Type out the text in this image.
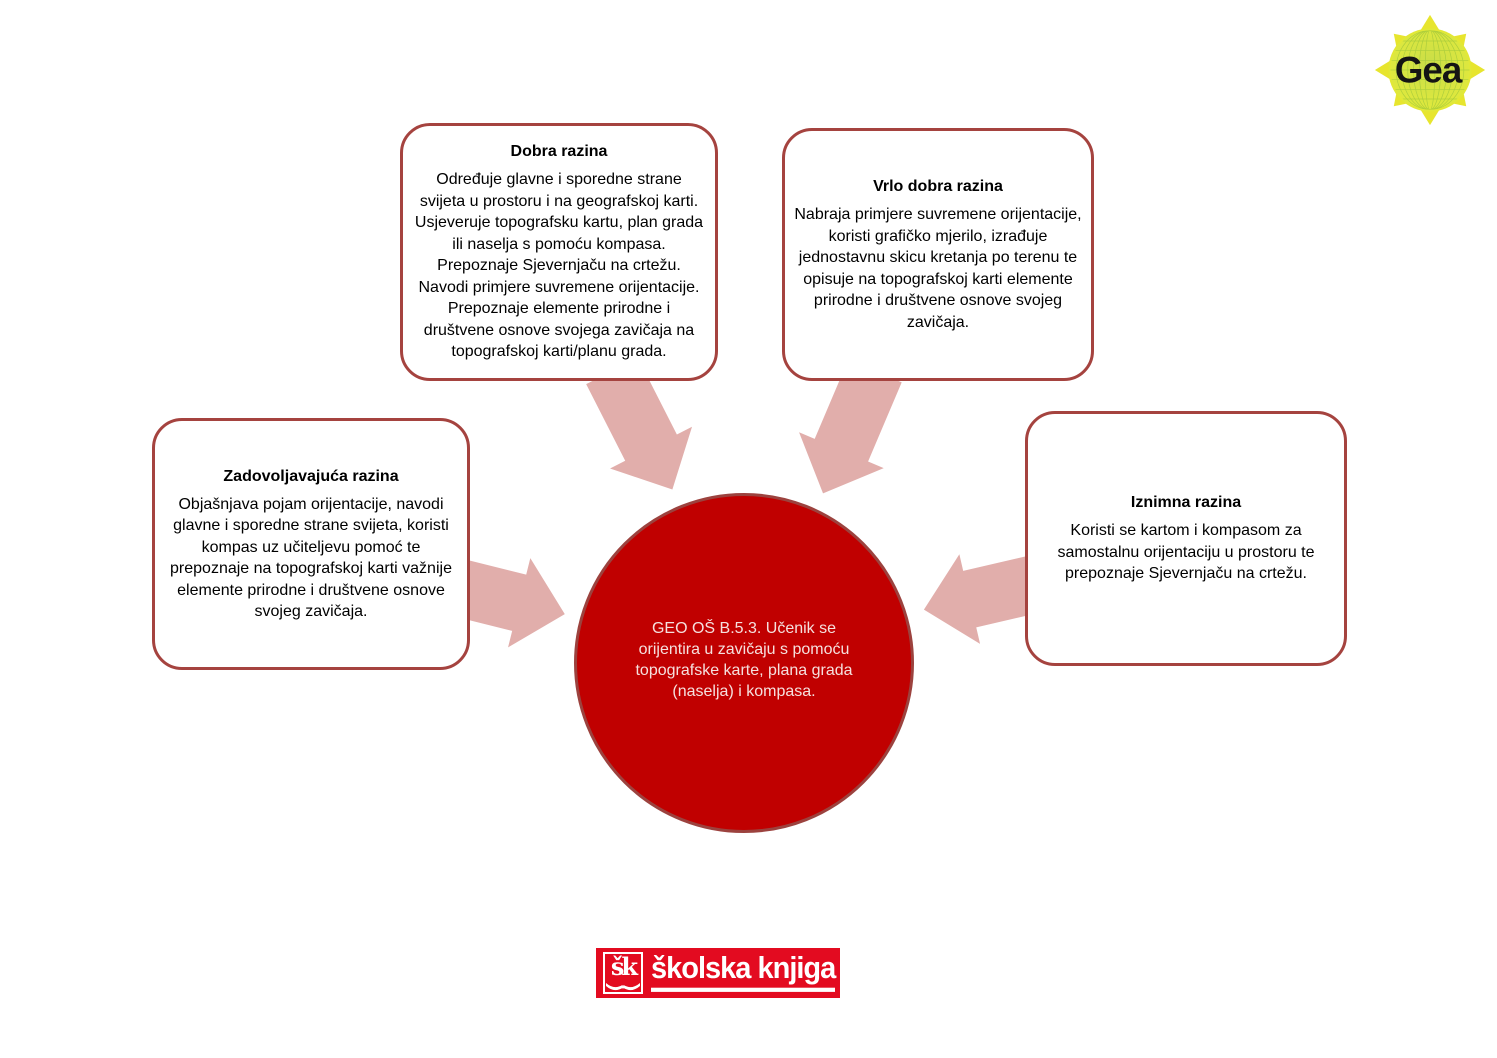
Dobra razina
Određuje glavne i sporedne strane svijeta u prostoru i na geografskoj karti. Usjeveruje topografsku kartu, plan grada ili naselja s pomoću kompasa. Prepoznaje Sjevernjaču na crtežu. Navodi primjere suvremene orijentacije. Prepoznaje elemente prirodne i društvene osnove svojega zavičaja na topografskoj karti/planu grada.
Vrlo dobra razina
Nabraja primjere suvremene orijentacije, koristi grafičko mjerilo, izrađuje jednostavnu skicu kretanja po terenu te opisuje na topografskoj karti elemente prirodne i društvene osnove svojeg zavičaja.
Zadovoljavajuća razina
Objašnjava pojam orijentacije, navodi glavne i sporedne strane svijeta, koristi kompas uz učiteljevu pomoć te prepoznaje na topografskoj karti važnije elemente prirodne i društvene osnove svojeg zavičaja.
Iznimna razina
Koristi se kartom i kompasom za samostalnu orijentaciju u prostoru te prepoznaje Sjevernjaču na crtežu.
GEO OŠ B.5.3. Učenik se orijentira u zavičaju s pomoću topografske karte, plana grada (naselja) i kompasa.
Gea
šk školska knjiga
